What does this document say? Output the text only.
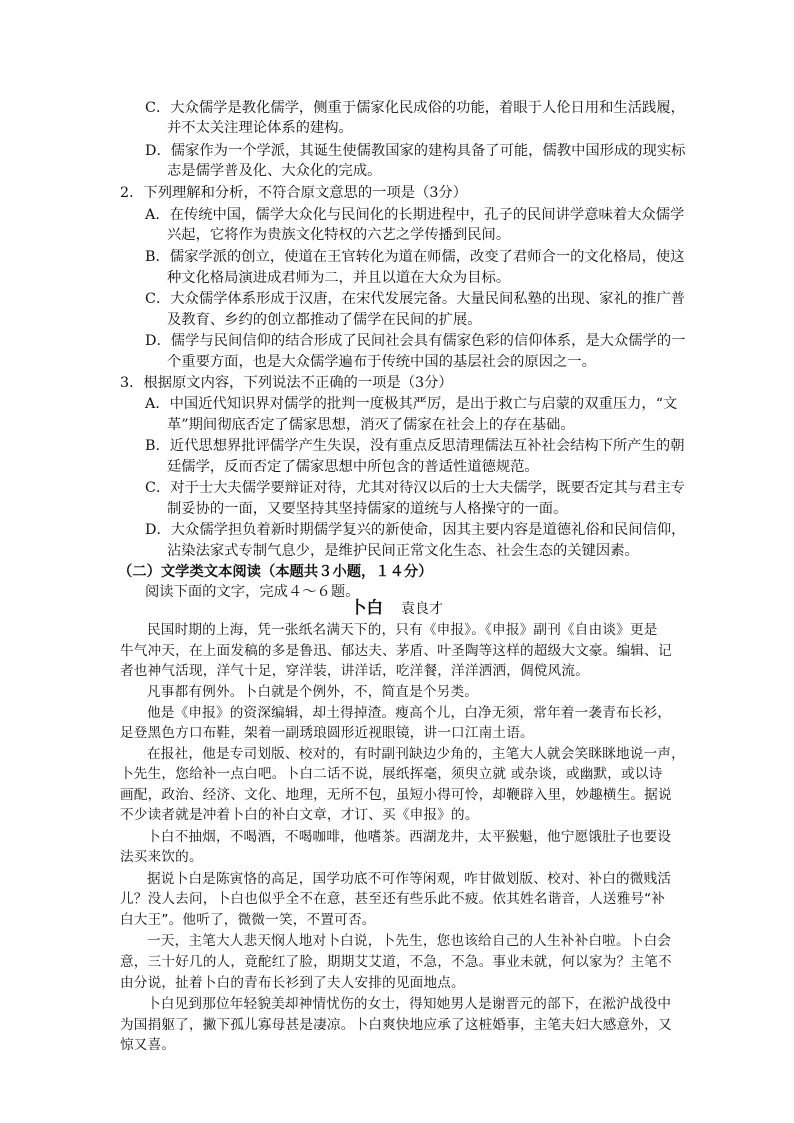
C．大众儒学是教化儒学，侧重于儒家化民成俗的功能，着眼于人伦日用和生活践履，
并不太关注理论体系的建构。
D．儒家作为一个学派，其诞生使儒教国家的建构具备了可能，儒教中国形成的现实标
志是儒学普及化、大众化的完成。
2．下列理解和分析，不符合原文意思的一项是（3分）
A．在传统中国，儒学大众化与民间化的长期进程中，孔子的民间讲学意味着大众儒学
兴起，它将作为贵族文化特权的六艺之学传播到民间。
B．儒家学派的创立，使道在王官转化为道在师儒，改变了君师合一的文化格局，使这
种文化格局演进成君师为二，并且以道在大众为目标。
C．大众儒学体系形成于汉唐，在宋代发展完备。大量民间私塾的出现、家礼的推广普
及教育、乡约的创立都推动了儒学在民间的扩展。
D．儒学与民间信仰的结合形成了民间社会具有儒家色彩的信仰体系，是大众儒学的一
个重要方面，也是大众儒学遍布于传统中国的基层社会的原因之一。
3．根据原文内容，下列说法不正确的一项是（3分）
A．中国近代知识界对儒学的批判一度极其严厉，是出于救亡与启蒙的双重压力，“文
革”期间彻底否定了儒家思想，消灭了儒家在社会上的存在基础。
B．近代思想界批评儒学产生失误，没有重点反思清理儒法互补社会结构下所产生的朝
廷儒学，反而否定了儒家思想中所包含的普适性道德规范。
C．对于士大夫儒学要辩证对待，尤其对待汉以后的士大夫儒学，既要否定其与君主专
制妥协的一面，又要坚持其坚持儒家的道统与人格操守的一面。
D．大众儒学担负着新时期儒学复兴的新使命，因其主要内容是道德礼俗和民间信仰，
沾染法家式专制气息少，是维护民间正常文化生态、社会生态的关键因素。
（二）文学类文本阅读（本题共３小题，１４分）
阅读下面的文字，完成４～６题。
卜白 袁良才
民国时期的上海，凭一张纸名满天下的，只有《申报》。《申报》副刊《自由谈》更是
牛气冲天，在上面发稿的多是鲁迅、郁达夫、茅盾、叶圣陶等这样的超级大文豪。编辑、记
者也神气活现，洋气十足，穿洋装，讲洋话，吃洋餐，洋洋洒洒，倜傥风流。
凡事都有例外。卜白就是个例外，不，简直是个另类。
他是《申报》的资深编辑，却土得掉渣。瘦高个儿，白净无须，常年着一袭青布长衫，
足登黑色方口布鞋，架着一副琇琅圆形近视眼镜，讲一口江南土语。
在报社，他是专司划版、校对的，有时副刊缺边少角的，主笔大人就会笑眯眯地说一声，
卜先生，您给补一点白吧。卜白二话不说，展纸挥毫，须臾立就 或杂谈，或幽默，或以诗
画配，政治、经济、文化、地理，无所不包，虽短小得可怜，却鞭辟入里，妙趣横生。据说
不少读者就是冲着卜白的补白文章，才订、买《申报》的。
卜白不抽烟，不喝酒，不喝咖啡，他嗜茶。西湖龙井，太平猴魁，他宁愿饿肚子也要设
法买来饮的。
据说卜白是陈寅恪的高足，国学功底不可作等闲观，咋甘做划版、校对、补白的微贱活
儿？没人去问，卜白也似乎全不在意，甚至还有些乐此不疲。依其姓名谐音，人送雅号“补
白大王”。他听了，微微一笑，不置可否。
一天，主笔大人悲天悯人地对卜白说，卜先生，您也该给自己的人生补补白啦。卜白会
意，三十好几的人，竟酡红了脸，期期艾艾道，不急，不急。事业未就，何以家为？主笔不
由分说，扯着卜白的青布长衫到了夫人安排的见面地点。
卜白见到那位年轻貌美却神情忧伤的女士，得知她男人是谢晋元的部下，在淞沪战役中
为国捐躯了，撇下孤儿寡母甚是凄凉。卜白爽快地应承了这桩婚事，主笔夫妇大感意外，又
惊又喜。
